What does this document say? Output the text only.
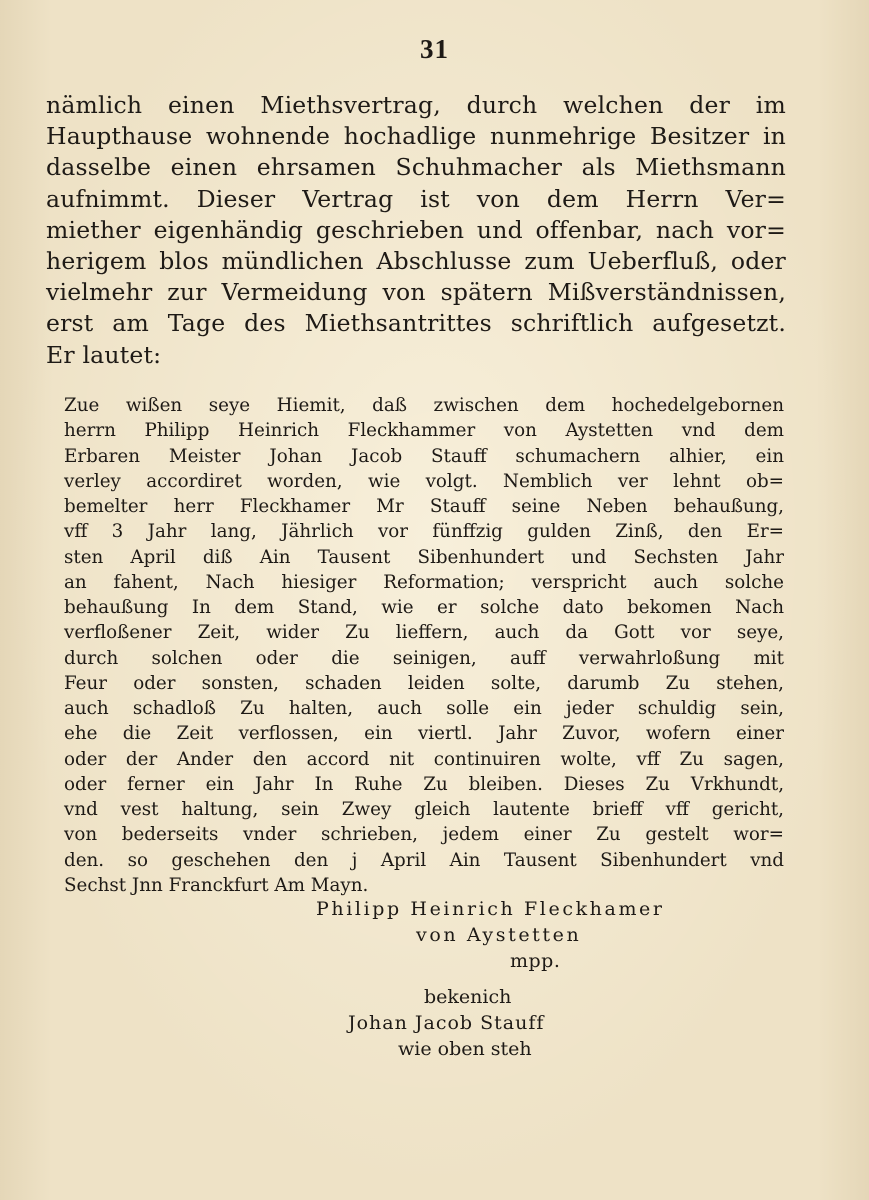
31
nämlich einen Miethsvertrag, durch welchen der im
Haupthause wohnende hochadlige nunmehrige Besitzer in
dasselbe einen ehrsamen Schuhmacher als Miethsmann
aufnimmt. Dieser Vertrag ist von dem Herrn Ver=
miether eigenhändig geschrieben und offenbar, nach vor=
herigem blos mündlichen Abschlusse zum Ueberfluß, oder
vielmehr zur Vermeidung von spätern Mißverständnissen,
erst am Tage des Miethsantrittes schriftlich aufgesetzt.
Er lautet:
Zue wißen seye Hiemit, daß zwischen dem hochedelgebornen
herrn Philipp Heinrich Fleckhammer von Aystetten vnd dem
Erbaren Meister Johan Jacob Stauff schumachern alhier, ein
verley accordiret worden, wie volgt. Nemblich ver lehnt ob=
bemelter herr Fleckhamer Mr Stauff seine Neben behaußung,
vff 3 Jahr lang, Jährlich vor fünffzig gulden Zinß, den Er=
sten April diß Ain Tausent Sibenhundert und Sechsten Jahr
an fahent, Nach hiesiger Reformation; verspricht auch solche
behaußung In dem Stand, wie er solche dato bekomen Nach
verfloßener Zeit, wider Zu lieffern, auch da Gott vor seye,
durch solchen oder die seinigen, auff verwahrloßung mit
Feur oder sonsten, schaden leiden solte, darumb Zu stehen,
auch schadloß Zu halten, auch solle ein jeder schuldig sein,
ehe die Zeit verflossen, ein viertl. Jahr Zuvor, wofern einer
oder der Ander den accord nit continuiren wolte, vff Zu sagen,
oder ferner ein Jahr In Ruhe Zu bleiben. Dieses Zu Vrkhundt,
vnd vest haltung, sein Zwey gleich lautente brieff vff gericht,
von bederseits vnder schrieben, jedem einer Zu gestelt wor=
den. so geschehen den j April Ain Tausent Sibenhundert vnd
Sechst Jnn Franckfurt Am Mayn.
Philipp Heinrich Fleckhamer
von Aystetten
mpp.
bekenich
Johan Jacob Stauff
wie oben steh
